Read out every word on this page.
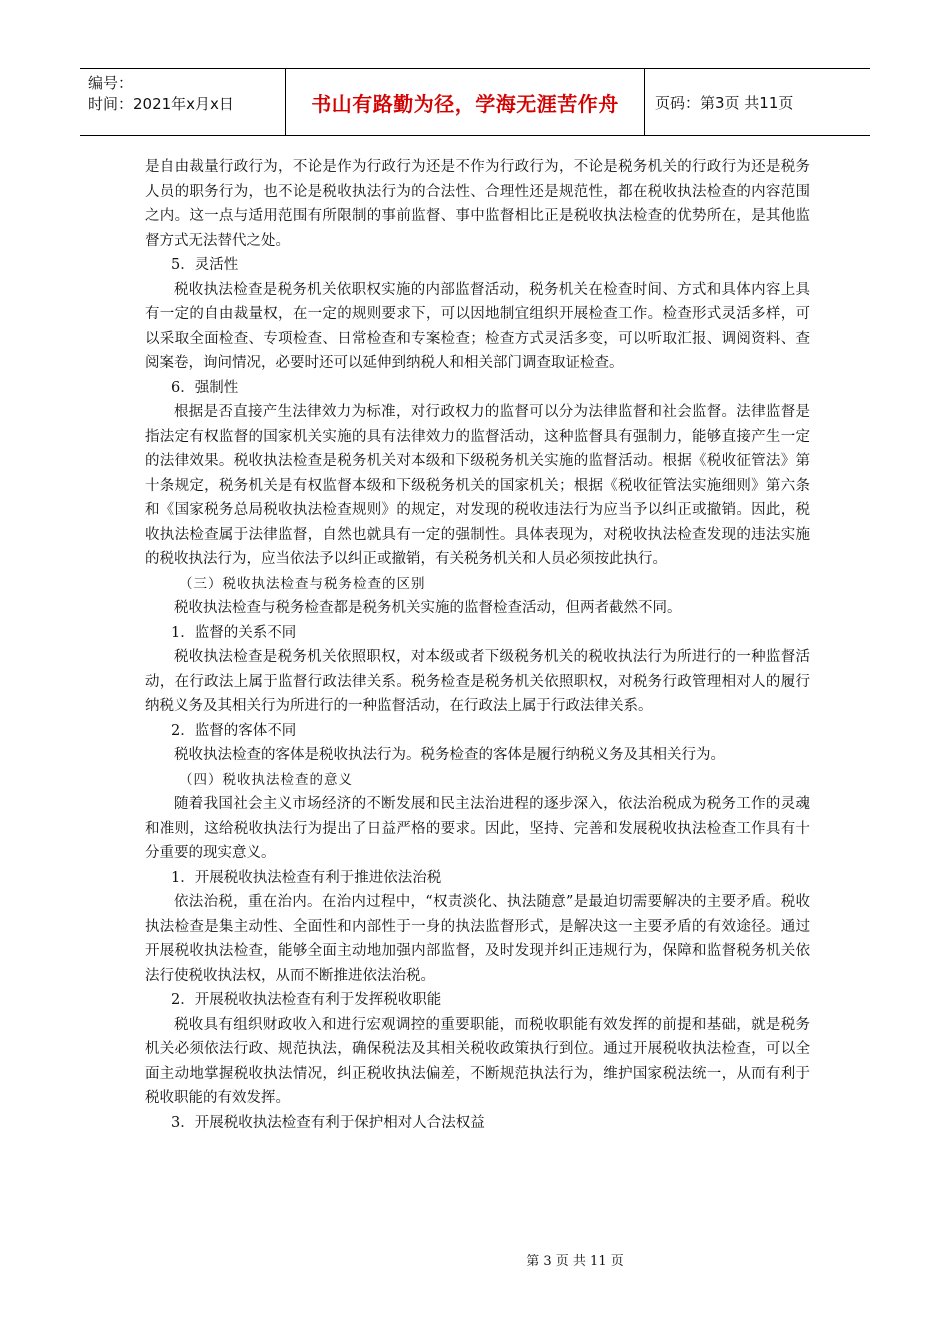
编号：
时间：2021年x月x日	书山有路勤为径，学海无涯苦作舟 页码：第3页 共11页

是自由裁量行政行为，不论是作为行政行为还是不作为行政行为，不论是税务机关的行政行为还是税务人员的职务行为，也不论是税收执法行为的合法性、合理性还是规范性，都在税收执法检查的内容范围之内。这一点与适用范围有所限制的事前监督、事中监督相比正是税收执法检查的优势所在，是其他监督方式无法替代之处。

5．灵活性

税收执法检查是税务机关依职权实施的内部监督活动，税务机关在检查时间、方式和具体内容上具有一定的自由裁量权，在一定的规则要求下，可以因地制宜组织开展检查工作。检查形式灵活多样，可以采取全面检查、专项检查、日常检查和专案检查；检查方式灵活多变，可以听取汇报、调阅资料、查阅案卷，询问情况，必要时还可以延伸到纳税人和相关部门调查取证检查。

6．强制性

根据是否直接产生法律效力为标准，对行政权力的监督可以分为法律监督和社会监督。法律监督是指法定有权监督的国家机关实施的具有法律效力的监督活动，这种监督具有强制力，能够直接产生一定的法律效果。税收执法检查是税务机关对本级和下级税务机关实施的监督活动。根据《税收征管法》第十条规定，税务机关是有权监督本级和下级税务机关的国家机关；根据《税收征管法实施细则》第六条和《国家税务总局税收执法检查规则》的规定，对发现的税收违法行为应当予以纠正或撤销。因此，税收执法检查属于法律监督，自然也就具有一定的强制性。具体表现为，对税收执法检查发现的违法实施的税收执法行为，应当依法予以纠正或撤销，有关税务机关和人员必须按此执行。

（三）税收执法检查与税务检查的区别

税收执法检查与税务检查都是税务机关实施的监督检查活动，但两者截然不同。

1．监督的关系不同

税收执法检查是税务机关依照职权，对本级或者下级税务机关的税收执法行为所进行的一种监督活动，在行政法上属于监督行政法律关系。税务检查是税务机关依照职权，对税务行政管理相对人的履行纳税义务及其相关行为所进行的一种监督活动，在行政法上属于行政法律关系。

2．监督的客体不同

税收执法检查的客体是税收执法行为。税务检查的客体是履行纳税义务及其相关行为。

（四）税收执法检查的意义

随着我国社会主义市场经济的不断发展和民主法治进程的逐步深入，依法治税成为税务工作的灵魂和准则，这给税收执法行为提出了日益严格的要求。因此，坚持、完善和发展税收执法检查工作具有十分重要的现实意义。

1．开展税收执法检查有利于推进依法治税

依法治税，重在治内。在治内过程中，“权责淡化、执法随意”是最迫切需要解决的主要矛盾。税收执法检查是集主动性、全面性和内部性于一身的执法监督形式，是解决这一主要矛盾的有效途径。通过开展税收执法检查，能够全面主动地加强内部监督，及时发现并纠正违规行为，保障和监督税务机关依法行使税收执法权，从而不断推进依法治税。

2．开展税收执法检查有利于发挥税收职能

税收具有组织财政收入和进行宏观调控的重要职能，而税收职能有效发挥的前提和基础，就是税务机关必须依法行政、规范执法，确保税法及其相关税收政策执行到位。通过开展税收执法检查，可以全面主动地掌握税收执法情况，纠正税收执法偏差，不断规范执法行为，维护国家税法统一，从而有利于税收职能的有效发挥。

3．开展税收执法检查有利于保护相对人合法权益

第 3 页 共 11 页
